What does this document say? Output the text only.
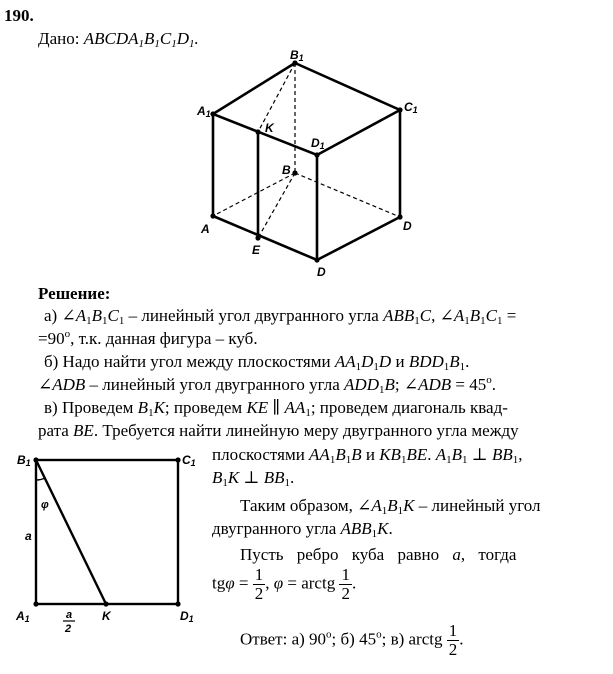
190.
Дано: $ABCDA_1B_1C_1D_1$.
B1
A1	C1
K
D1
B
A	D
E
D
Решение:
а) $\angle A_1B_1C_1$ – линейный угол двугранного угла $ABB_1C$, $\angle A_1B_1C_1$ =
$=90^o$, т.к. данная фигура – куб.
б) Надо найти угол между плоскостями $AA_1D_1D$ и $BDD_1B_1$.
∠ADB – линейный угол двугранного угла $ADD_1B$; ∠ADB = $45^o$.
в) Проведем $B_1K$; проведем KE ∥ $AA_1$; проведем диагональ квад-
рата BE. Требуется найти линейную меру двугранного угла между
B1	C1
A1	D1
K
a
φ
a
2
плоскостями $AA_1B_1B$ и $KB_1BE$. $A_1B_1$ ⊥ $BB_1$,
$B_1K$ ⊥ $BB_1$.
Таким образом, $\angle A_1B_1K$ – линейный угол
двугранного угла $ABB_1K$.
Пусть ребро куба равно a, тогда
$tg\varphi = \frac{1}{2}$ , φ = arctg $\frac{1}{2}$ .
Ответ: а) 90$^o$; б) 45$^o$; в) arctg $\frac{1}{2}$ .
